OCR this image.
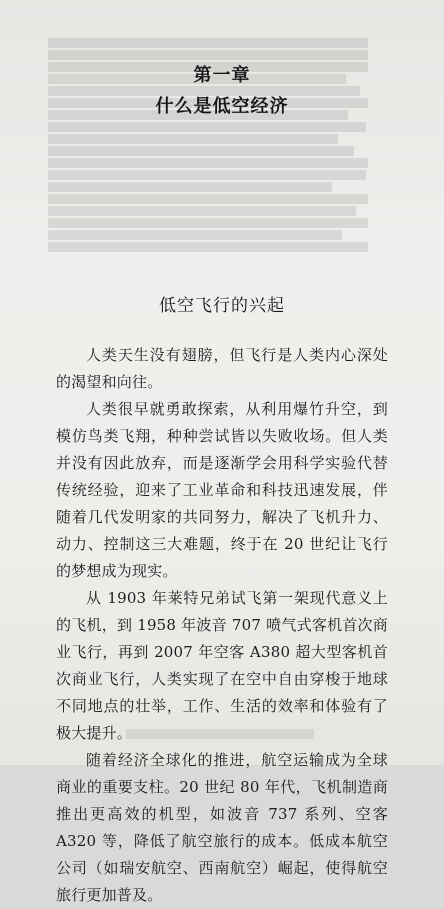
第一章
什么是低空经济
低空飞行的兴起

人类天生没有翅膀，但飞行是人类内心深处的渴望和向往。

人类很早就勇敢探索，从利用爆竹升空，到模仿鸟类飞翔，种种尝试皆以失败收场。但人类并没有因此放弃，而是逐渐学会用科学实验代替传统经验，迎来了工业革命和科技迅速发展，伴随着几代发明家的共同努力，解决了飞机升力、动力、控制这三大难题，终于在 20 世纪让飞行的梦想成为现实。

从 1903 年莱特兄弟试飞第一架现代意义上的飞机，到 1958 年波音 707 喷气式客机首次商业飞行，再到 2007 年空客 A380 超大型客机首次商业飞行，人类实现了在空中自由穿梭于地球不同地点的壮举，工作、生活的效率和体验有了极大提升。

随着经济全球化的推进，航空运输成为全球商业的重要支柱。20 世纪 80 年代，飞机制造商推出更高效的机型，如波音 737 系列、空客 A320 等，降低了航空旅行的成本。低成本航空公司（如瑞安航空、西南航空）崛起，使得航空旅行更加普及。
